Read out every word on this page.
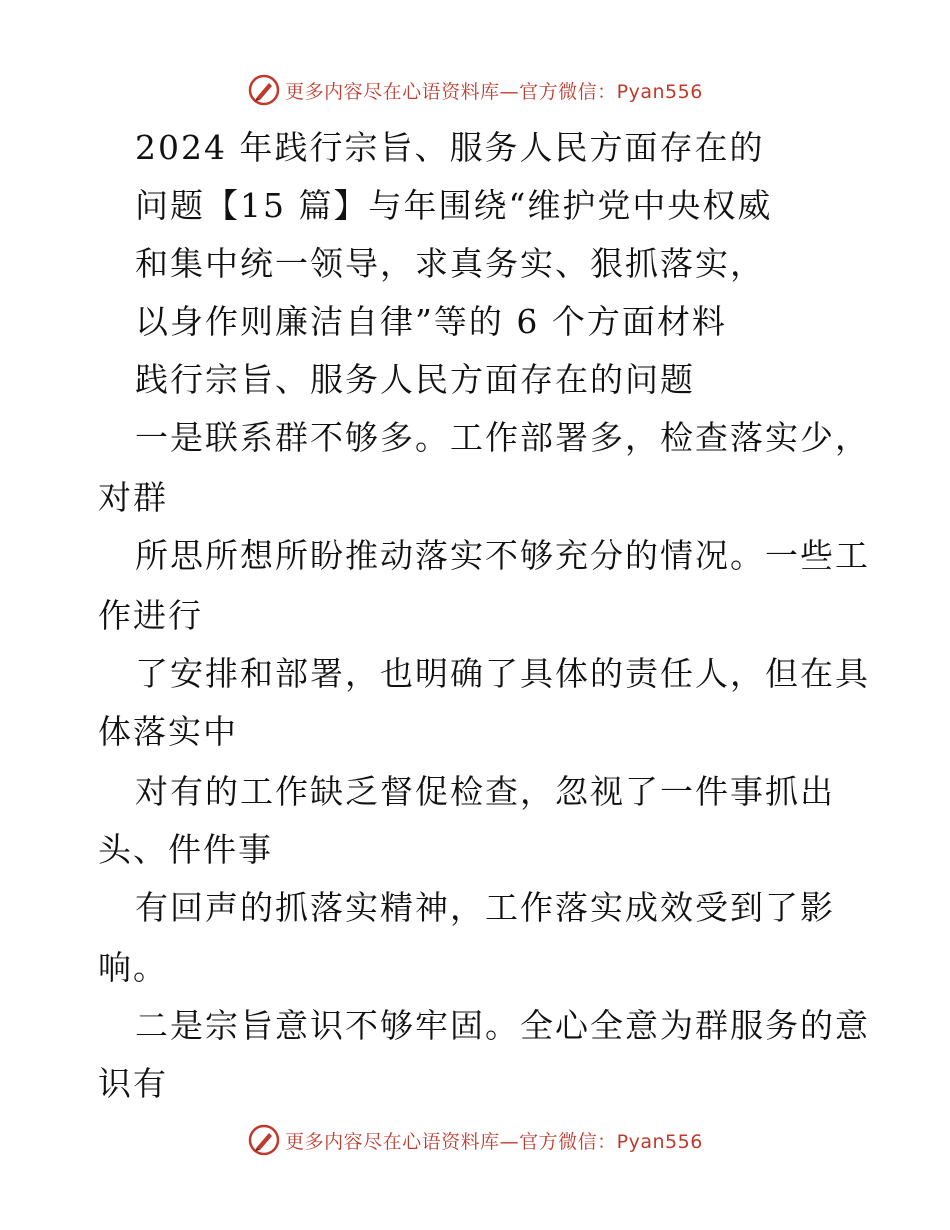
更多内容尽在心语资料库—官方微信：Pyan556
2024 年践行宗旨、服务人民方面存在的
问题【15 篇】与年围绕“维护党中央权威
和集中统一领导，求真务实、狠抓落实，
以身作则廉洁自律”等的 6 个方面材料
践行宗旨、服务人民方面存在的问题
一是联系群不够多。工作部署多，检查落实少，
对群
所思所想所盼推动落实不够充分的情况。一些工
作进行
了安排和部署，也明确了具体的责任人，但在具
体落实中
对有的工作缺乏督促检查，忽视了一件事抓出
头、件件事
有回声的抓落实精神，工作落实成效受到了影
响。
二是宗旨意识不够牢固。全心全意为群服务的意
识有
更多内容尽在心语资料库—官方微信：Pyan556
